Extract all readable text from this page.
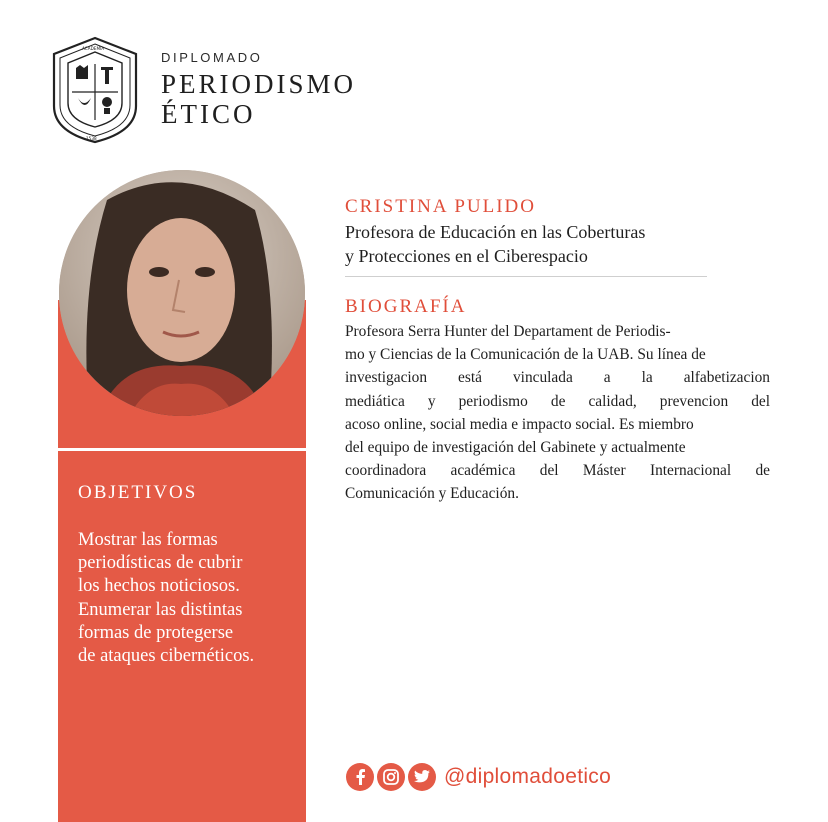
ACADEMIA
1538
DIPLOMADO
PERIODISMO
ÉTICO
OBJETIVOS
Mostrar las formas
periodísticas de cubrir
los hechos noticiosos.
Enumerar las distintas
formas de protegerse
de ataques cibernéticos.
CRISTINA PULIDO
Profesora de Educación en las Coberturas
y Protecciones en el Ciberespacio
BIOGRAFÍA
Profesora Serra Hunter del Departament de Periodis-
mo y Ciencias de la Comunicación de la UAB. Su línea de
investigacion está vinculada a la alfabetizacion
mediática y periodismo de calidad, prevencion del
acoso online, social media e impacto social. Es miembro
del equipo de investigación del Gabinete y actualmente
coordinadora académica del Máster Internacional de
Comunicación y Educación.
@diplomadoetico
